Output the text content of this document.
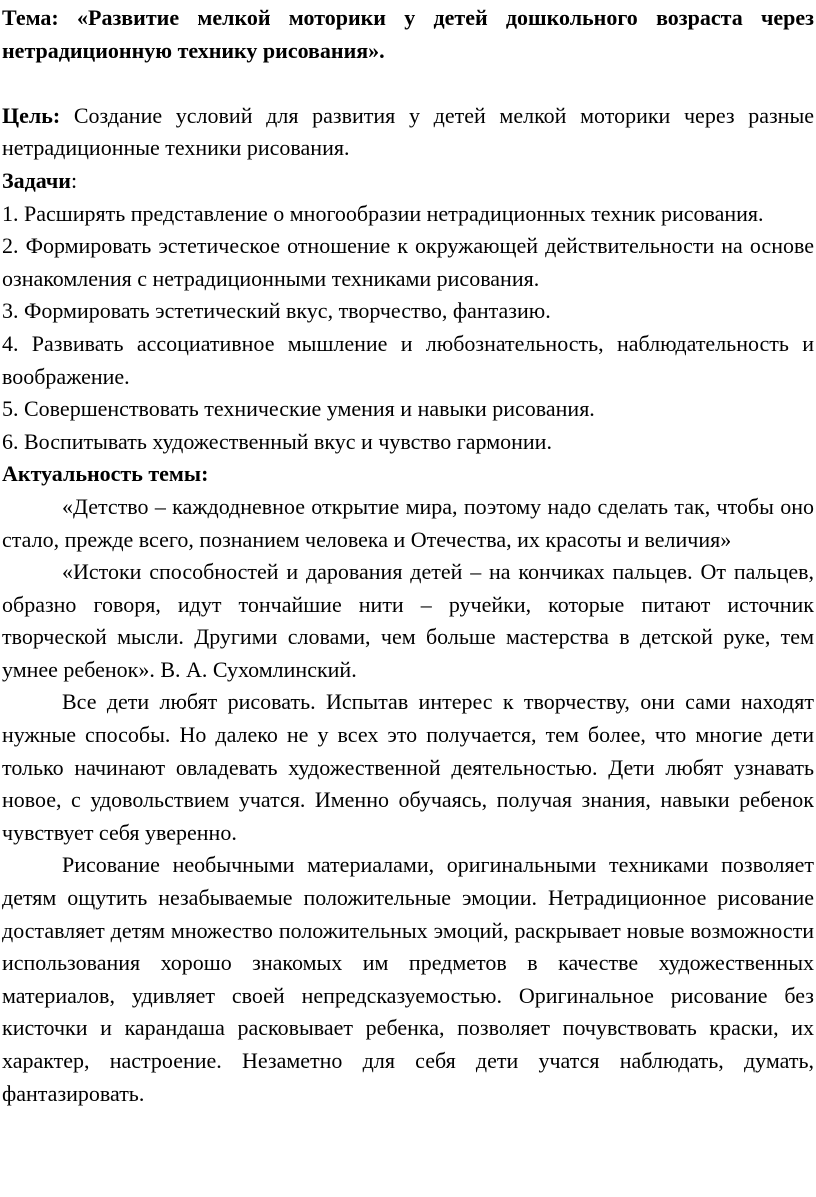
Тема: «Развитие мелкой моторики у детей дошкольного возраста через нетрадиционную технику рисования».

Цель: Создание условий для развития у детей мелкой моторики через разные нетрадиционные техники рисования.

Задачи:

1. Расширять представление о многообразии нетрадиционных техник рисования.

2. Формировать эстетическое отношение к окружающей действительности на основе ознакомления с нетрадиционными техниками рисования.

3. Формировать эстетический вкус, творчество, фантазию.

4. Развивать ассоциативное мышление и любознательность, наблюдательность и воображение.

5. Совершенствовать технические умения и навыки рисования.

6. Воспитывать художественный вкус и чувство гармонии.

Актуальность темы:

«Детство – каждодневное открытие мира, поэтому надо сделать так, чтобы оно стало, прежде всего, познанием человека и Отечества, их красоты и величия»

«Истоки способностей и дарования детей – на кончиках пальцев. От пальцев, образно говоря, идут тончайшие нити – ручейки, которые питают источник творческой мысли. Другими словами, чем больше мастерства в детской руке, тем умнее ребенок». В. А. Сухомлинский.

Все дети любят рисовать. Испытав интерес к творчеству, они сами находят нужные способы. Но далеко не у всех это получается, тем более, что многие дети только начинают овладевать художественной деятельностью. Дети любят узнавать новое, с удовольствием учатся. Именно обучаясь, получая знания, навыки ребенок чувствует себя уверенно.

Рисование необычными материалами, оригинальными техниками позволяет детям ощутить незабываемые положительные эмоции. Нетрадиционное рисование доставляет детям множество положительных эмоций, раскрывает новые возможности использования хорошо знакомых им предметов в качестве художественных материалов, удивляет своей непредсказуемостью. Оригинальное рисование без кисточки и карандаша расковывает ребенка, позволяет почувствовать краски, их характер, настроение. Незаметно для себя дети учатся наблюдать, думать, фантазировать.
